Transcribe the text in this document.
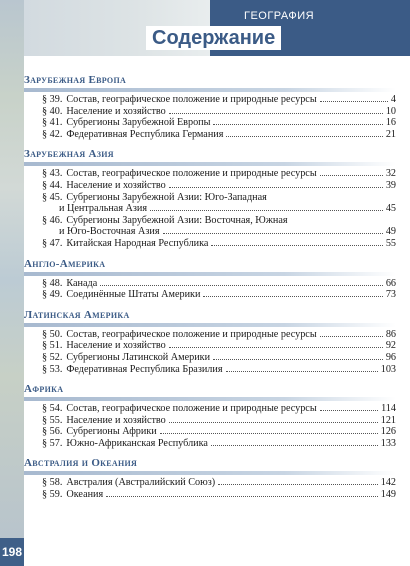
ГЕОГРАФИЯ
Содержание
198
Зарубежная Европа
§ 39. Состав, географическое положение и природные ресурсы	4
§ 40. Население и хозяйство	10
§ 41. Субрегионы Зарубежной Европы	16
§ 42. Федеративная Республика Германия	21
Зарубежная Азия
§ 43. Состав, географическое положение и природные ресурсы	32
§ 44. Население и хозяйство	39
§ 45. Субрегионы Зарубежной Азии: Юго-Западная
и Центральная Азия	45
§ 46. Субрегионы Зарубежной Азии: Восточная, Южная
и Юго-Восточная Азия	49
§ 47. Китайская Народная Республика	55
Англо-Америка
§ 48. Канада	66
§ 49. Соединённые Штаты Америки	73
Латинская Америка
§ 50. Состав, географическое положение и природные ресурсы	86
§ 51. Население и хозяйство	92
§ 52. Субрегионы Латинской Америки	96
§ 53. Федеративная Республика Бразилия	103
Африка
§ 54. Состав, географическое положение и природные ресурсы	114
§ 55. Население и хозяйство	121
§ 56. Субрегионы Африки	126
§ 57. Южно-Африканская Республика	133
Австралия и Океания
§ 58. Австралия (Австралийский Союз)	142
§ 59. Океания	149
